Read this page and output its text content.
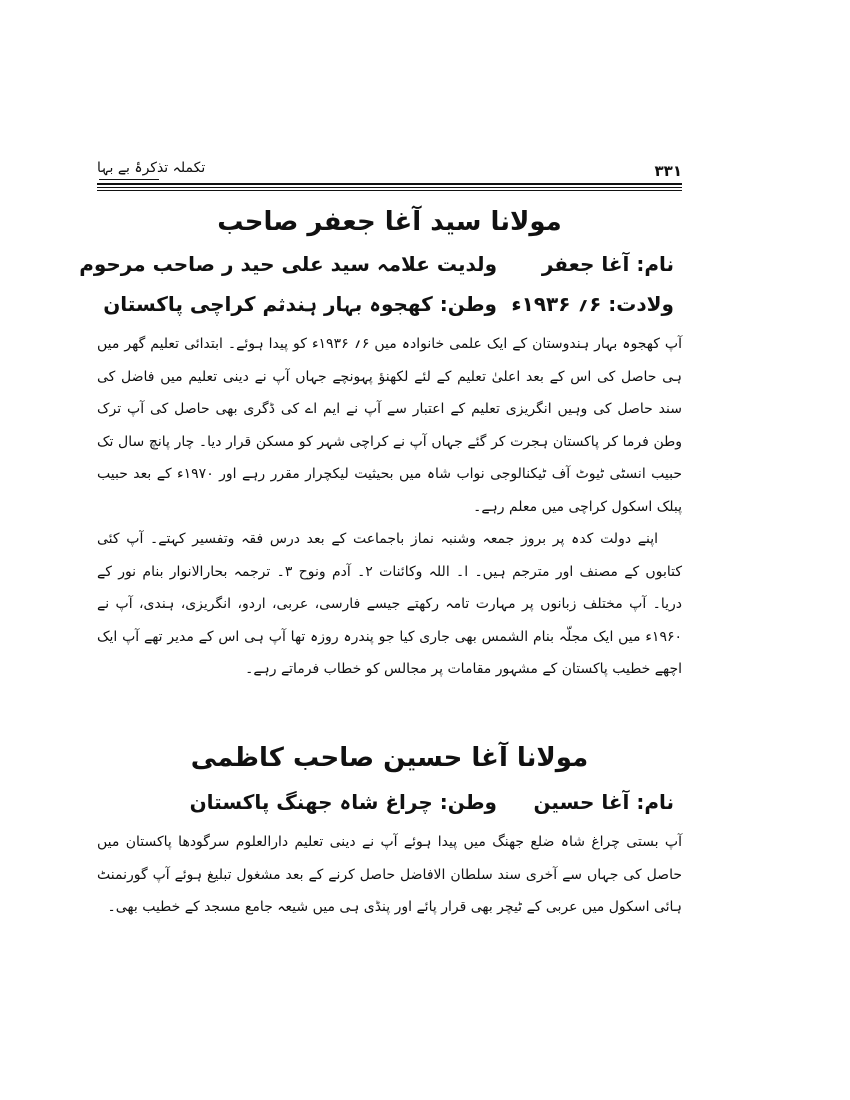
۳۳۱
تکملہ تذکرۂ بے بہا
مولانا سید آغا جعفر صاحب
نام: آغا جعفر
ولدیت علامہ سید علی حید ر صاحب مرحوم
ولادت: ۶؍ ۱۹۳۶ء
وطن: کھجوہ بہار ہندثم کراچی پاکستان

آپ کھجوہ بہار ہندوستان کے ایک علمی خانوادہ میں ۶؍ ۱۹۳۶ء کو پیدا ہوئے۔ ابتدائی تعلیم گھر میں ہی حاصل کی اس کے بعد اعلیٰ تعلیم کے لئے لکھنؤ پہونچے جہاں آپ نے دینی تعلیم میں فاضل کی سند حاصل کی وہیں انگریزی تعلیم کے اعتبار سے آپ نے ایم اے کی ڈگری بھی حاصل کی آپ ترک وطن فرما کر پاکستان ہجرت کر گئے جہاں آپ نے کراچی شہر کو مسکن قرار دیا۔ چار پانچ سال تک حبیب انسٹی ٹیوٹ آف ٹیکنالوجی نواب شاہ میں بحیثیت لیکچرار مقرر رہے اور ۱۹۷۰ء کے بعد حبیب پبلک اسکول کراچی میں معلم رہے۔

اپنے دولت کدہ پر بروز جمعہ وشنبہ نماز باجماعت کے بعد درس فقہ وتفسیر کہتے۔ آپ کئی کتابوں کے مصنف اور مترجم ہیں۔ ا۔ اللہ وکائنات ۲۔ آدم ونوح ۳۔ ترجمہ بحارالانوار بنام نور کے دریا۔ آپ مختلف زبانوں پر مہارت تامہ رکھتے جیسے فارسی، عربی، اردو، انگریزی، ہندی، آپ نے ۱۹۶۰ء میں ایک مجلّہ بنام الشمس بھی جاری کیا جو پندرہ روزہ تھا آپ ہی اس کے مدیر تھے آپ ایک اچھے خطیب پاکستان کے مشہور مقامات پر مجالس کو خطاب فرماتے رہے۔

مولانا آغا حسین صاحب کاظمی
نام: آغا حسین
وطن: چراغ شاہ جھنگ پاکستان

آپ بستی چراغ شاہ ضلع جھنگ میں پیدا ہوئے آپ نے دینی تعلیم دارالعلوم سرگودھا پاکستان میں حاصل کی جہاں سے آخری سند سلطان الافاضل حاصل کرنے کے بعد مشغول تبلیغ ہوئے آپ گورنمنٹ ہائی اسکول میں عربی کے ٹیچر بھی قرار پائے اور پنڈی ہی میں شیعہ جامع مسجد کے خطیب بھی۔
